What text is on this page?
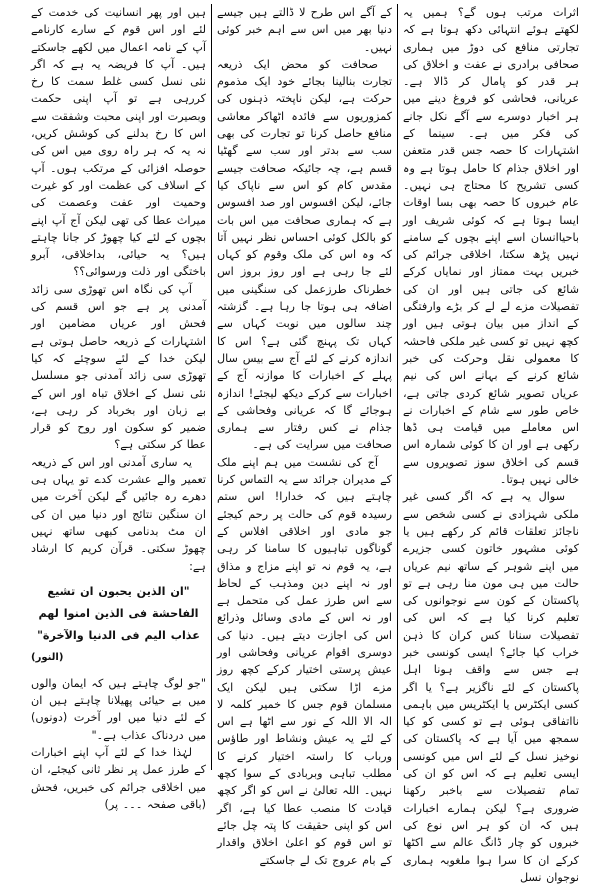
اثرات مرتب ہوں گے؟ ہمیں یہ لکھتے ہوئے انتہائی دکھ ہوتا ہے کہ تجارتی منافع کی دوڑ میں ہماری صحافی برادری نے عفت و اخلاق کی ہر قدر کو پامال کر ڈالا ہے۔ عریانی، فحاشی کو فروغ دینے میں ہر اخبار دوسرے سے آگے نکل جانے کی فکر میں ہے۔ سینما کے اشتہارات کا حصہ جس قدر متعفن اور اخلاق جذام کا حامل ہوتا ہے وہ کسی تشریح کا محتاج ہی نہیں۔ عام خبروں کا حصہ بھی بسا اوقات ایسا ہوتا ہے کہ کوئی شریف اور باحیاانسان اسے اپنے بچوں کے سامنے نہیں پڑھ سکتا، اخلاقی جرائم کی خبریں بہت ممتاز اور نمایاں کرکے شائع کی جاتی ہیں اور ان کی تفصیلات مزے لے لے کر بڑے وارفتگی کے انداز میں بیان ہوتی ہیں اور کچھ نہیں تو کسی غیر ملکی فاحشہ کا معمولی نقل وحرکت کی خبر شائع کرنے کے بہانے اس کی نیم عریاں تصویر شائع کردی جاتی ہے، خاص طور سے شام کے اخبارات نے اس معاملے میں قیامت ہی ڈھا رکھی ہے اور ان کا کوئی شمارہ اس قسم کی اخلاق سوز تصویروں سے خالی نہیں ہوتا۔

سوال یہ ہے کہ اگر کسی غیر ملکی شہزادی نے کسی شخص سے ناجائز تعلقات قائم کر رکھے ہیں یا کوئی مشہور خاتون کسی جزیرے میں اپنے شوہر کے ساتھ نیم عریاں حالت میں ہی مون منا رہی ہے تو پاکستان کے کون سے نوجوانوں کی تعلیم کرنا کیا ہے کہ اس کی تفصیلات سنانا کس کران کا ذہن خراب کیا جائے؟ ایسی کونسی خبر ہے جس سے واقف ہونا اہل پاکستان کے لئے ناگزیر ہے؟ یا اگر کسی ایکٹرس یا ایکٹریس میں باہمی نااتفاقی ہوئی ہے تو کسی کو کیا سمجھ میں آیا ہے کہ پاکستان کی نوخیز نسل کے لئے اس میں کونسی ایسی تعلیم ہے کہ اس کو ان کی تمام تفصیلات سے باخبر رکھنا ضروری ہے؟ لیکن ہمارے اخبارات ہیں کہ ان کو ہر اس نوع کی خبروں کو چار ڈانگ عالم سے اکٹھا کرکے ان کا سرا ہوا ملغوبہ ہماری نوجوان نسل

کے آگے اس طرح لا ڈالتے ہیں جیسے دنیا بھر میں اس سے اہم خبر کوئی نہیں۔

صحافت کو محض ایک ذریعہ تجارت بنالینا بجائے خود ایک مذموم حرکت ہے، لیکن ناپختہ ذہنوں کی کمزوریوں سے فائدہ اٹھاکر معاشی منافع حاصل کرنا تو تجارت کی بھی سب سے بدتر اور سب سے گھٹیا قسم ہے، چہ جائیکہ صحافت جیسے مقدس کام کو اس سے ناپاک کیا جائے، لیکن افسوس اور صد افسوس ہے کہ ہماری صحافت میں اس بات کو بالکل کوئی احساس نظر نہیں آتا کہ وہ اس کی ملک وقوم کو کہاں لئے جا رہی ہے اور روز بروز اس خطرناک طرزعمل کی سنگینی میں اضافہ ہی ہوتا جا رہا ہے۔ گزشتہ چند سالوں میں نوبت کہاں سے کہاں تک پہنچ گئی ہے؟ اس کا اندازہ کرنے کے لئے آج سے بیس سال پہلے کے اخبارات کا موازنہ آج کے اخبارات سے کرکے دیکھ لیجئے! اندازہ ہوجائے گا کہ عریانی وفحاشی کے جذام نے کس رفتار سے ہماری صحافت میں سرایت کی ہے۔

آج کی نشست میں ہم اپنے ملک کے مدیران جرائد سے یہ التماس کرنا چاہتے ہیں کہ خدارا! اس ستم رسیدہ قوم کی حالت پر رحم کیجئے جو مادی اور اخلاقی افلاس کے گوناگوں تباہیوں کا سامنا کر رہی ہے، یہ قوم نہ تو اپنے مزاج و مذاق اور نہ اپنے دین ومذہب کے لحاظ سے اس طرز عمل کی متحمل ہے اور نہ اس کے مادی وسائل وذرائع اس کی اجازت دیتے ہیں۔ دنیا کی دوسری اقوام عریانی وفحاشی اور عیش پرستی اختیار کرکے کچھ روز مزے اڑا سکتی ہیں لیکن ایک مسلمان قوم جس کا خمیر کلمہ لا الہ الا اللہ کے نور سے اٹھا ہے اس کے لئے یہ عیش ونشاط اور طاؤس ورباب کا راستہ اختیار کرنے کا مطلب تباہی وبربادی کے سوا کچھ نہیں۔ اللہ تعالیٰ نے اس کو اگر کچھ قیادت کا منصب عطا کیا ہے، اگر اس کو اپنی حقیقت کا پتہ چل جائے تو اس قوم کو اعلیٰ اخلاق واقدار کے بام عروج تک لے جاسکتے

ہیں اور پھر انسانیت کی خدمت کے لئے اور اس قوم کے سارے کارنامے آپ کے نامہ اعمال میں لکھے جاسکتے ہیں۔ آپ کا فریضہ یہ ہے کہ اگر نئی نسل کسی غلط سمت کا رخ کررہی ہے تو آپ اپنی حکمت وبصیرت اور اپنی محبت وشفقت سے اس کا رخ بدلنے کی کوشش کریں، نہ یہ کہ ہر راہ روی میں اس کی حوصلہ افزائی کے مرتکب ہوں۔ آپ کے اسلاف کی عظمت اور کو غیرت وحمیت اور عفت وعصمت کی میراث عطا کی تھی لیکن آج آپ اپنے بچوں کے لئے کیا چھوڑ کر جانا چاہتے ہیں؟ یہ حیائی، بداخلاقی، آبرو باختگی اور ذلت ورسوائی؟؟

آپ کی نگاہ اس تھوڑی سی زائد آمدنی پر ہے جو اس قسم کی فحش اور عریاں مضامین اور اشتہارات کے ذریعہ حاصل ہوتی ہے لیکن خدا کے لئے سوچئے کہ کیا تھوڑی سی زائد آمدنی جو مسلسل نئی نسل کے اخلاق تباہ اور اس کے بے زبان اور بخرباد کر رہی ہے، ضمیر کو سکون اور روح کو قرار عطا کر سکتی ہے؟

یہ ساری آمدنی اور اس کے ذریعہ تعمیر والے عشرت کدے تو یہاں ہی دھرے رہ جائیں گے لیکن آخرت میں ان سنگین نتائج اور دنیا میں ان کی ان مٹ بدنامی کبھی ساتھ نہیں چھوڑ سکتی۔ قرآن کریم کا ارشاد ہے:

"ان الذین یحبون ان تشیع الفاحشة فی الذین امنوا لھم عذاب الیم فی الدنیا والآخرة"
(النور)

"جو لوگ چاہتے ہیں کہ ایمان والوں میں بے حیائی پھیلانا چاہتے ہیں ان کے لئے دنیا میں اور آخرت (دونوں) میں دردناک عذاب ہے۔"

لہٰذا خدا کے لئے آپ اپنے اخبارات کے طرز عمل پر نظر ثانی کیجئے، ان میں اخلاقی جرائم کی خبریں، فحش (باقی صفحہ ۔۔۔ پر)
